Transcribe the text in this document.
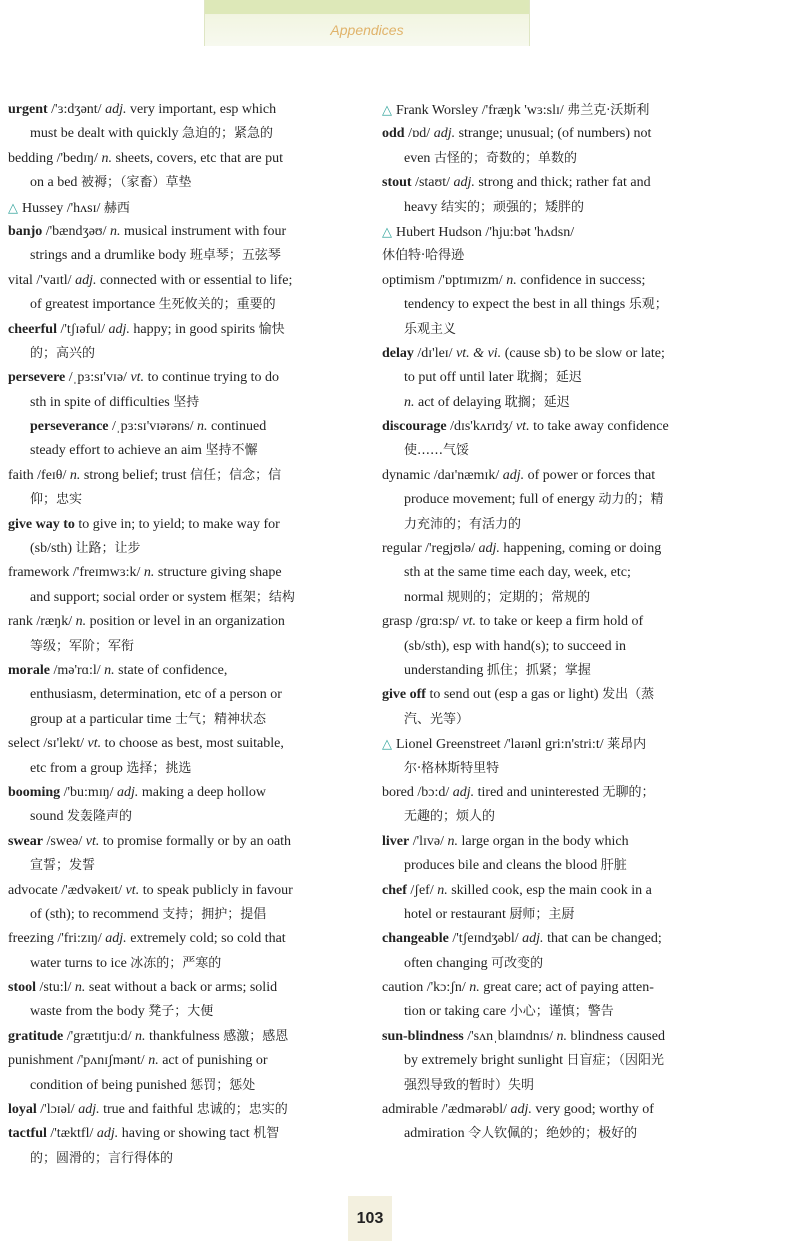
Appendices
urgent /'ɜ:dʒənt/ adj. very important, esp which
must be dealt with quickly 急迫的；紧急的
bedding /'bedɪŋ/ n. sheets, covers, etc that are put
on a bed 被褥；（家畜）草垫
△ Hussey /'hʌsɪ/ 赫西
banjo /'bændʒəʊ/ n. musical instrument with four
strings and a drumlike body 班卓琴；五弦琴
vital /'vaɪtl/ adj. connected with or essential to life;
of greatest importance 生死攸关的；重要的
cheerful /'tʃɪəful/ adj. happy; in good spirits 愉快
的；高兴的
persevere /ˌpɜ:sɪ'vɪə/ vt. to continue trying to do
sth in spite of difficulties 坚持
perseverance /ˌpɜ:sɪ'vɪərəns/ n. continued
steady effort to achieve an aim 坚持不懈
faith /feɪθ/ n. strong belief; trust 信任；信念；信
仰；忠实
give way to to give in; to yield; to make way for
(sb/sth) 让路；让步
framework /'freɪmwɜ:k/ n. structure giving shape
and support; social order or system 框架；结构
rank /ræŋk/ n. position or level in an organization
等级；军阶；军衔
morale /mə'rɑ:l/ n. state of confidence,
enthusiasm, determination, etc of a person or
group at a particular time 士气；精神状态
select /sɪ'lekt/ vt. to choose as best, most suitable,
etc from a group 选择；挑选
booming /'bu:mɪŋ/ adj. making a deep hollow
sound 发轰隆声的
swear /sweə/ vt. to promise formally or by an oath
宣誓；发誓
advocate /'ædvəkeɪt/ vt. to speak publicly in favour
of (sth); to recommend 支持；拥护；提倡
freezing /'fri:zɪŋ/ adj. extremely cold; so cold that
water turns to ice 冰冻的；严寒的
stool /stu:l/ n. seat without a back or arms; solid
waste from the body 凳子；大便
gratitude /'grætɪtju:d/ n. thankfulness 感激；感恩
punishment /'pʌnɪʃmənt/ n. act of punishing or
condition of being punished 惩罚；惩处
loyal /'lɔɪəl/ adj. true and faithful 忠诚的；忠实的
tactful /'tæktfl/ adj. having or showing tact 机智
的；圆滑的；言行得体的
△ Frank Worsley /'fræŋk 'wɜ:slɪ/ 弗兰克·沃斯利
odd /ɒd/ adj. strange; unusual; (of numbers) not
even 古怪的；奇数的；单数的
stout /staʊt/ adj. strong and thick; rather fat and
heavy 结实的；顽强的；矮胖的
△ Hubert Hudson /'hju:bət 'hʌdsn/
休伯特·哈得逊
optimism /'ɒptɪmɪzm/ n. confidence in success;
tendency to expect the best in all things 乐观；
乐观主义
delay /dɪ'leɪ/ vt. & vi. (cause sb) to be slow or late;
to put off until later 耽搁；延迟
n. act of delaying 耽搁；延迟
discourage /dɪs'kʌrɪdʒ/ vt. to take away confidence
使……气馁
dynamic /daɪ'næmɪk/ adj. of power or forces that
produce movement; full of energy 动力的；精
力充沛的；有活力的
regular /'regjʊlə/ adj. happening, coming or doing
sth at the same time each day, week, etc;
normal 规则的；定期的；常规的
grasp /grɑ:sp/ vt. to take or keep a firm hold of
(sb/sth), esp with hand(s); to succeed in
understanding 抓住；抓紧；掌握
give off to send out (esp a gas or light) 发出（蒸
汽、光等）
△ Lionel Greenstreet /'laɪənl gri:n'stri:t/ 莱昂内
尔·格林斯特里特
bored /bɔ:d/ adj. tired and uninterested 无聊的；
无趣的；烦人的
liver /'lɪvə/ n. large organ in the body which
produces bile and cleans the blood 肝脏
chef /ʃef/ n. skilled cook, esp the main cook in a
hotel or restaurant 厨师；主厨
changeable /'tʃeɪndʒəbl/ adj. that can be changed;
often changing 可改变的
caution /'kɔ:ʃn/ n. great care; act of paying atten-
tion or taking care 小心；谨慎；警告
sun-blindness /'sʌnˌblaɪndnɪs/ n. blindness caused
by extremely bright sunlight 日盲症；（因阳光
强烈导致的暂时）失明
admirable /'ædmərəbl/ adj. very good; worthy of
admiration 令人钦佩的；绝妙的；极好的
103
